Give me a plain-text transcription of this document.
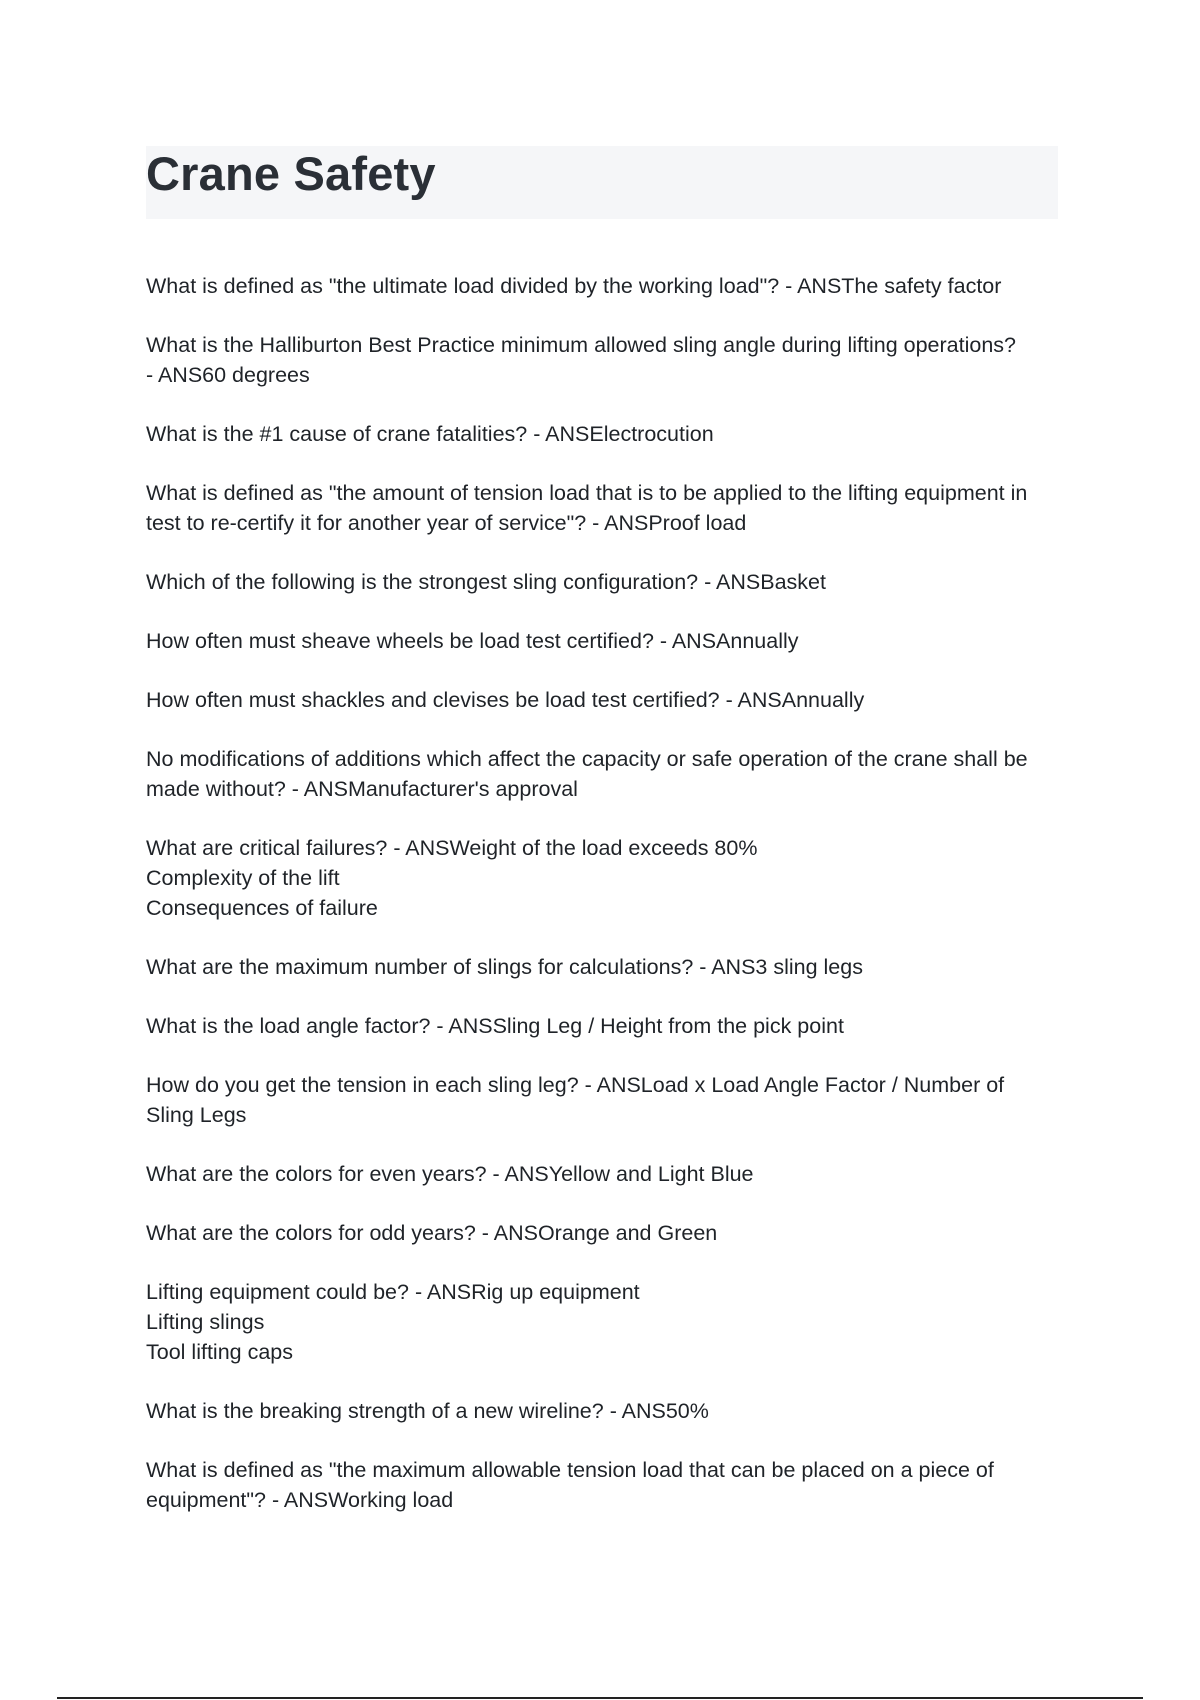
Crane Safety

What is defined as "the ultimate load divided by the working load"? - ANSThe safety factor

What is the Halliburton Best Practice minimum allowed sling angle during lifting operations?
- ANS60 degrees

What is the #1 cause of crane fatalities? - ANSElectrocution

What is defined as "the amount of tension load that is to be applied to the lifting equipment in
test to re-certify it for another year of service"? - ANSProof load

Which of the following is the strongest sling configuration? - ANSBasket

How often must sheave wheels be load test certified? - ANSAnnually

How often must shackles and clevises be load test certified? - ANSAnnually

No modifications of additions which affect the capacity or safe operation of the crane shall be
made without? - ANSManufacturer's approval

What are critical failures? - ANSWeight of the load exceeds 80%
Complexity of the lift
Consequences of failure

What are the maximum number of slings for calculations? - ANS3 sling legs

What is the load angle factor? - ANSSling Leg / Height from the pick point

How do you get the tension in each sling leg? - ANSLoad x Load Angle Factor / Number of
Sling Legs

What are the colors for even years? - ANSYellow and Light Blue

What are the colors for odd years? - ANSOrange and Green

Lifting equipment could be? - ANSRig up equipment
Lifting slings
Tool lifting caps

What is the breaking strength of a new wireline? - ANS50%

What is defined as "the maximum allowable tension load that can be placed on a piece of
equipment"? - ANSWorking load
